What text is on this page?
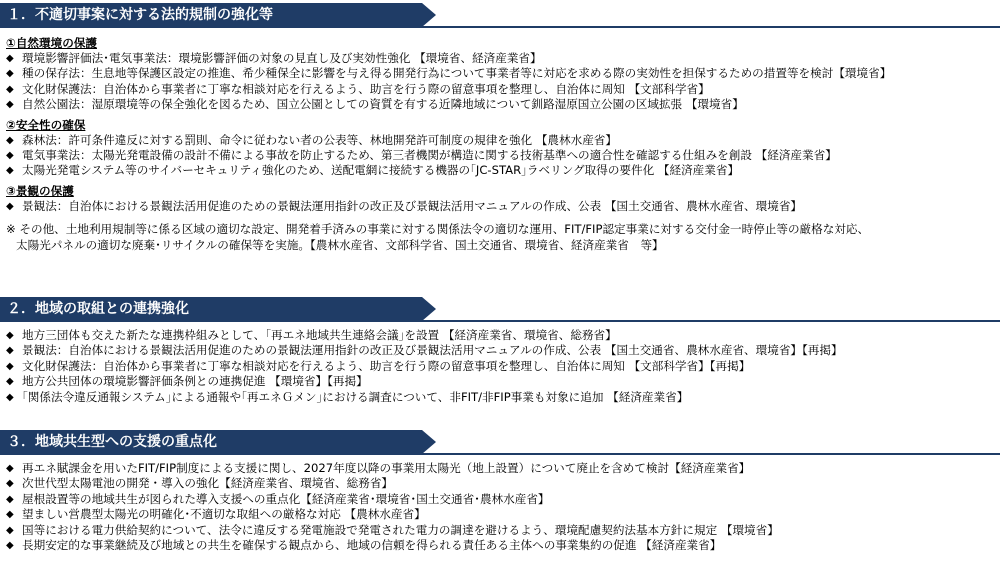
１．不適切事案に対する法的規制の強化等
①自然環境の保護
◆ 環境影響評価法･電気事業法：環境影響評価の対象の見直し及び実効性強化 【環境省、経済産業省】
◆ 種の保存法：生息地等保護区設定の推進、希少種保全に影響を与え得る開発行為について事業者等に対応を求める際の実効性を担保するための措置等を検討【環境省】
◆ 文化財保護法：自治体から事業者に丁寧な相談対応を行えるよう、助言を行う際の留意事項を整理し、自治体に周知 【文部科学省】
◆ 自然公園法：湿原環境等の保全強化を図るため、国立公園としての資質を有する近隣地域について釧路湿原国立公園の区域拡張 【環境省】
②安全性の確保
◆ 森林法：許可条件違反に対する罰則、命令に従わない者の公表等、林地開発許可制度の規律を強化 【農林水産省】
◆ 電気事業法：太陽光発電設備の設計不備による事故を防止するため、第三者機関が構造に関する技術基準への適合性を確認する仕組みを創設 【経済産業省】
◆ 太陽光発電システム等のサイバーセキュリティ強化のため、送配電網に接続する機器の｢JC-STAR｣ラベリング取得の要件化 【経済産業省】
③景観の保護
◆ 景観法：自治体における景観法活用促進のための景観法運用指針の改正及び景観法活用マニュアルの作成、公表 【国土交通省、農林水産省、環境省】
※ その他、土地利用規制等に係る区域の適切な設定、開発着手済みの事業に対する関係法令の適切な運用、FIT/FIP認定事業に対する交付金一時停止等の厳格な対応、
太陽光パネルの適切な廃棄･リサイクルの確保等を実施。【農林水産省、文部科学省、国土交通省、環境省、経済産業省　等】
２．地域の取組との連携強化
◆ 地方三団体も交えた新たな連携枠組みとして、｢再エネ地域共生連絡会議｣を設置 【経済産業省、環境省、総務省】
◆ 景観法：自治体における景観法活用促進のための景観法運用指針の改正及び景観法活用マニュアルの作成、公表 【国土交通省、農林水産省、環境省】【再掲】
◆ 文化財保護法：自治体から事業者に丁寧な相談対応を行えるよう、助言を行う際の留意事項を整理し、自治体に周知 【文部科学省】【再掲】
◆ 地方公共団体の環境影響評価条例との連携促進 【環境省】【再掲】
◆ ｢関係法令違反通報システム｣による通報や｢再エネＧメン｣における調査について、非FIT/非FIP事業も対象に追加 【経済産業省】
３．地域共生型への支援の重点化
◆ 再エネ賦課金を用いたFIT/FIP制度による支援に関し、2027年度以降の事業用太陽光（地上設置）について廃止を含めて検討【経済産業省】
◆ 次世代型太陽電池の開発・導入の強化【経済産業省、環境省、総務省】
◆ 屋根設置等の地域共生が図られた導入支援への重点化【経済産業省･環境省･国土交通省･農林水産省】
◆ 望ましい営農型太陽光の明確化･不適切な取組への厳格な対応 【農林水産省】
◆ 国等における電力供給契約について、法令に違反する発電施設で発電された電力の調達を避けるよう、環境配慮契約法基本方針に規定 【環境省】
◆ 長期安定的な事業継続及び地域との共生を確保する観点から、地域の信頼を得られる責任ある主体への事業集約の促進 【経済産業省】
